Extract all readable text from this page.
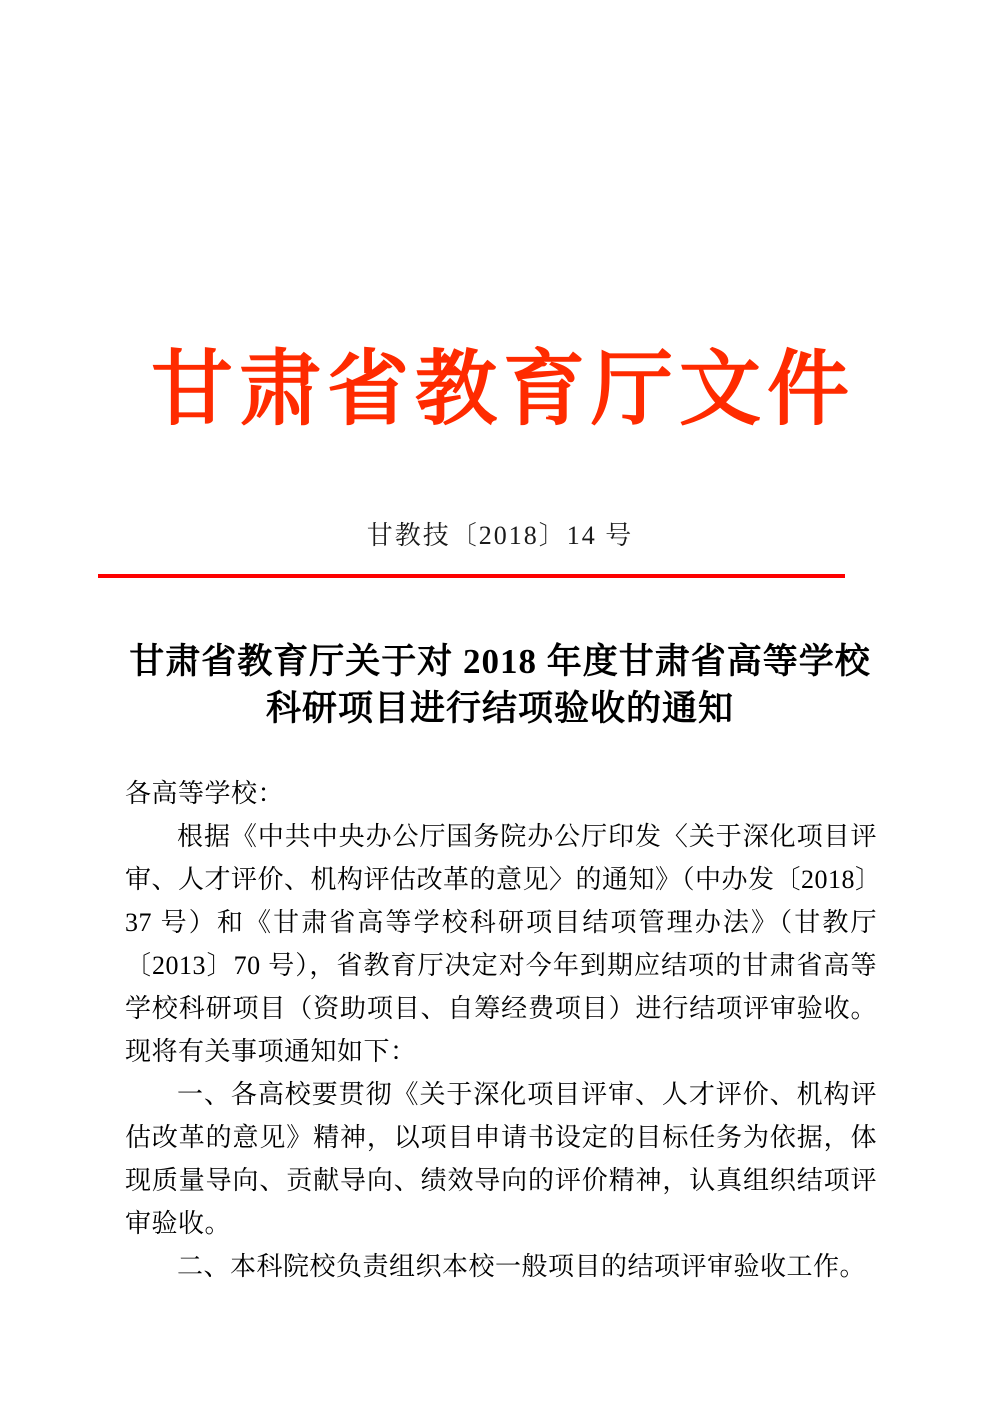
甘肃省教育厅文件
甘教技〔2018〕14 号
甘肃省教育厅关于对 2018 年度甘肃省高等学校
科研项目进行结项验收的通知
各高等学校：
根据《中共中央办公厅国务院办公厅印发〈关于深化项目评
审、人才评价、机构评估改革的意见〉的通知》（中办发〔2018〕
37 号）和《甘肃省高等学校科研项目结项管理办法》（甘教厅
〔2013〕70 号），省教育厅决定对今年到期应结项的甘肃省高等
学校科研项目（资助项目、自筹经费项目）进行结项评审验收。
现将有关事项通知如下：
一、各高校要贯彻《关于深化项目评审、人才评价、机构评
估改革的意见》精神，以项目申请书设定的目标任务为依据，体
现质量导向、贡献导向、绩效导向的评价精神，认真组织结项评
审验收。
二、本科院校负责组织本校一般项目的结项评审验收工作。
